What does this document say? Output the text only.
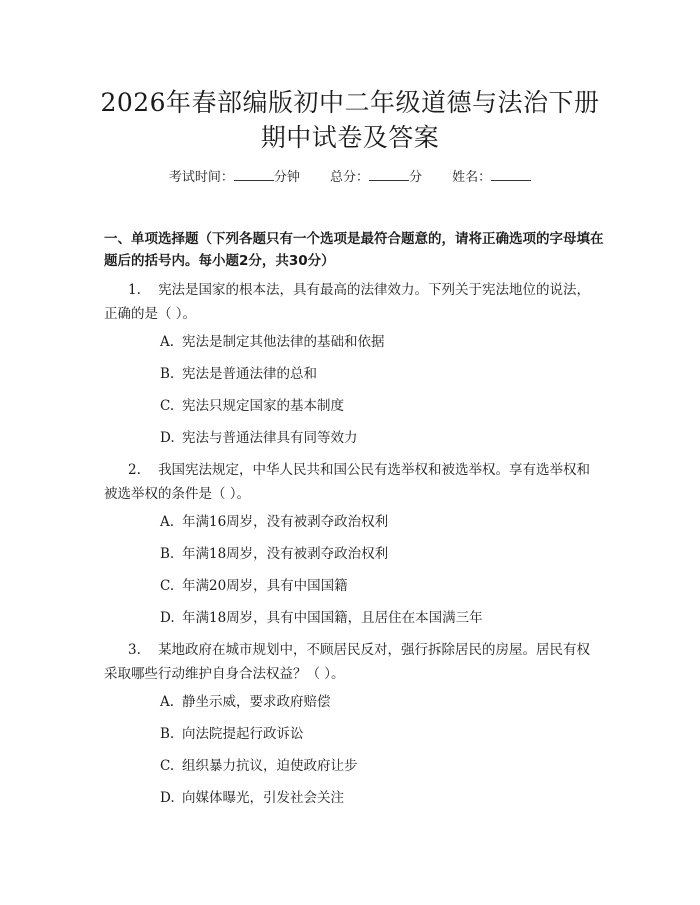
2026年春部编版初中二年级道德与法治下册
期中试卷及答案
考试时间：	分钟 总分：	分 姓名：
一、单项选择题（下列各题只有一个选项是最符合题意的，请将正确选项的字母填在题后的括号内。每小题2分，共30分）
1. 宪法是国家的根本法，具有最高的法律效力。下列关于宪法地位的说法，正确的是（ ）。
A. 宪法是制定其他法律的基础和依据
B. 宪法是普通法律的总和
C. 宪法只规定国家的基本制度
D. 宪法与普通法律具有同等效力
2. 我国宪法规定，中华人民共和国公民有选举权和被选举权。享有选举权和被选举权的条件是（ ）。
A. 年满16周岁，没有被剥夺政治权利
B. 年满18周岁，没有被剥夺政治权利
C. 年满20周岁，具有中国国籍
D. 年满18周岁，具有中国国籍，且居住在本国满三年
3. 某地政府在城市规划中，不顾居民反对，强行拆除居民的房屋。居民有权采取哪些行动维护自身合法权益？（ ）。
A. 静坐示威，要求政府赔偿
B. 向法院提起行政诉讼
C. 组织暴力抗议，迫使政府让步
D. 向媒体曝光，引发社会关注
